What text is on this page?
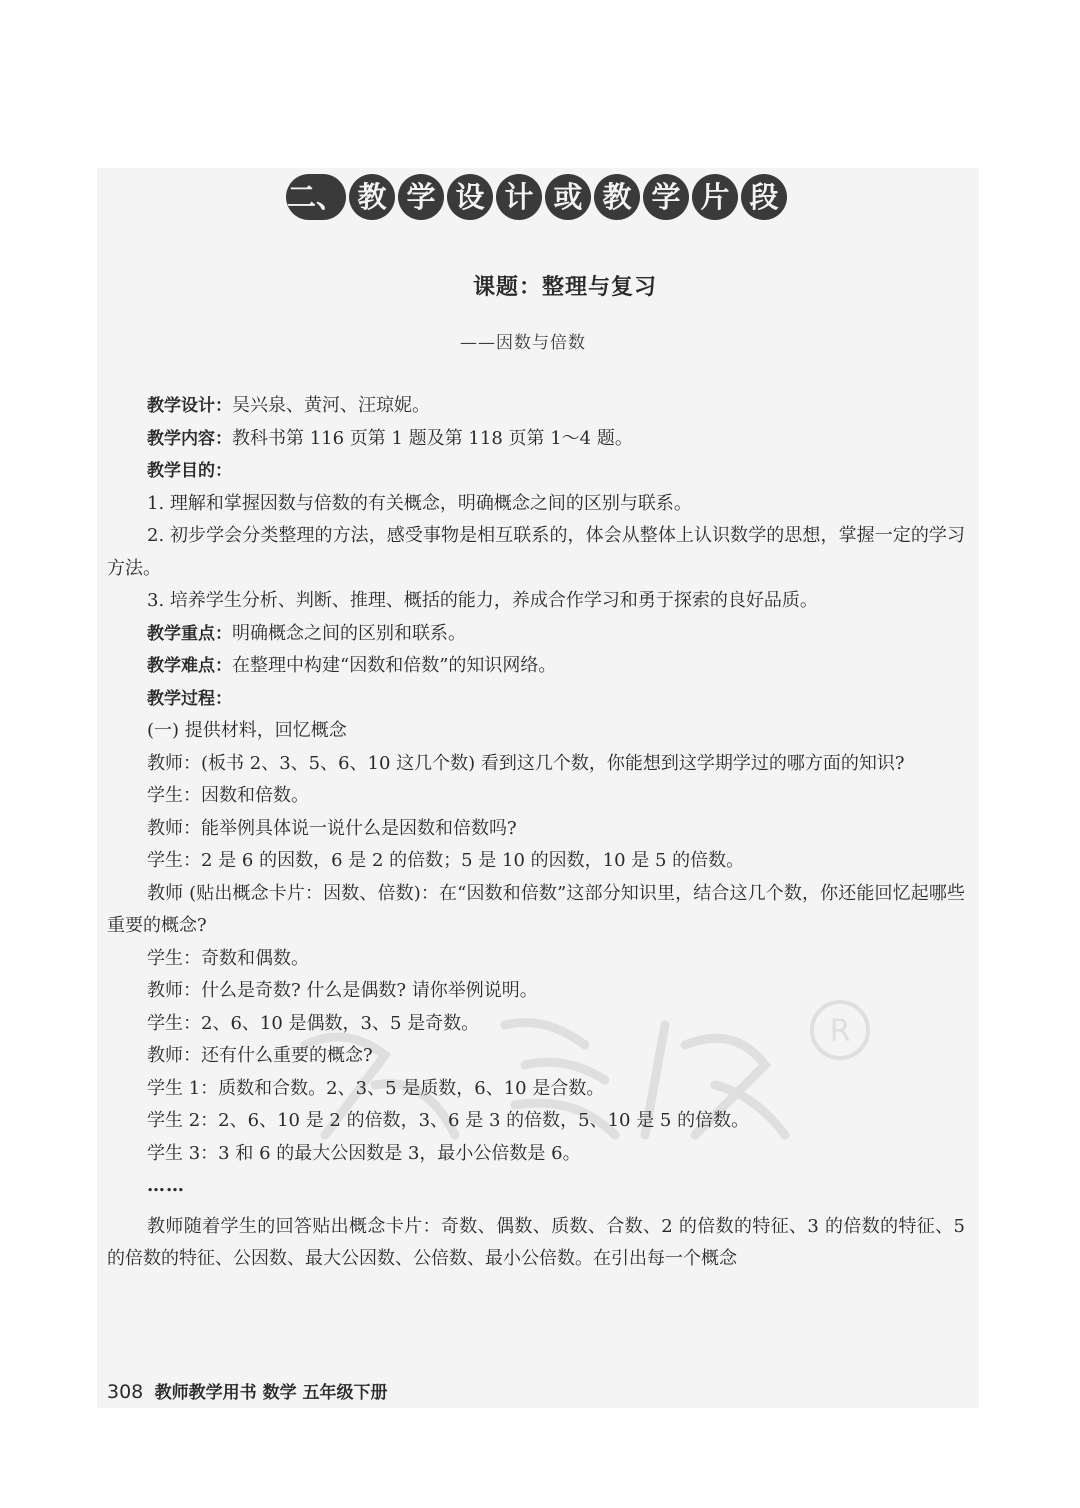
R
二、 教 学 设 计 或 教 学 片 段
课题：整理与复习
——因数与倍数

教学设计：吴兴泉、黄河、汪琼妮。

教学内容：教科书第 116 页第 1 题及第 118 页第 1～4 题。

教学目的：

1. 理解和掌握因数与倍数的有关概念，明确概念之间的区别与联系。

2. 初步学会分类整理的方法，感受事物是相互联系的，体会从整体上认识数学的思想，掌握一定的学习方法。

3. 培养学生分析、判断、推理、概括的能力，养成合作学习和勇于探索的良好品质。

教学重点：明确概念之间的区别和联系。

教学难点：在整理中构建“因数和倍数”的知识网络。

教学过程：

(一) 提供材料，回忆概念

教师：(板书 2、3、5、6、10 这几个数) 看到这几个数，你能想到这学期学过的哪方面的知识?

学生：因数和倍数。

教师：能举例具体说一说什么是因数和倍数吗?

学生：2 是 6 的因数，6 是 2 的倍数；5 是 10 的因数，10 是 5 的倍数。

教师 (贴出概念卡片：因数、倍数)：在“因数和倍数”这部分知识里，结合这几个数，你还能回忆起哪些重要的概念?

学生：奇数和偶数。

教师：什么是奇数? 什么是偶数? 请你举例说明。

学生：2、6、10 是偶数，3、5 是奇数。

教师：还有什么重要的概念?

学生 1：质数和合数。2、3、5 是质数，6、10 是合数。

学生 2：2、6、10 是 2 的倍数，3、6 是 3 的倍数，5、10 是 5 的倍数。

学生 3：3 和 6 的最大公因数是 3，最小公倍数是 6。

……

教师随着学生的回答贴出概念卡片：奇数、偶数、质数、合数、2 的倍数的特征、3 的倍数的特征、5 的倍数的特征、公因数、最大公因数、公倍数、最小公倍数。在引出每一个概念

308 教师教学用书 数学 五年级下册
